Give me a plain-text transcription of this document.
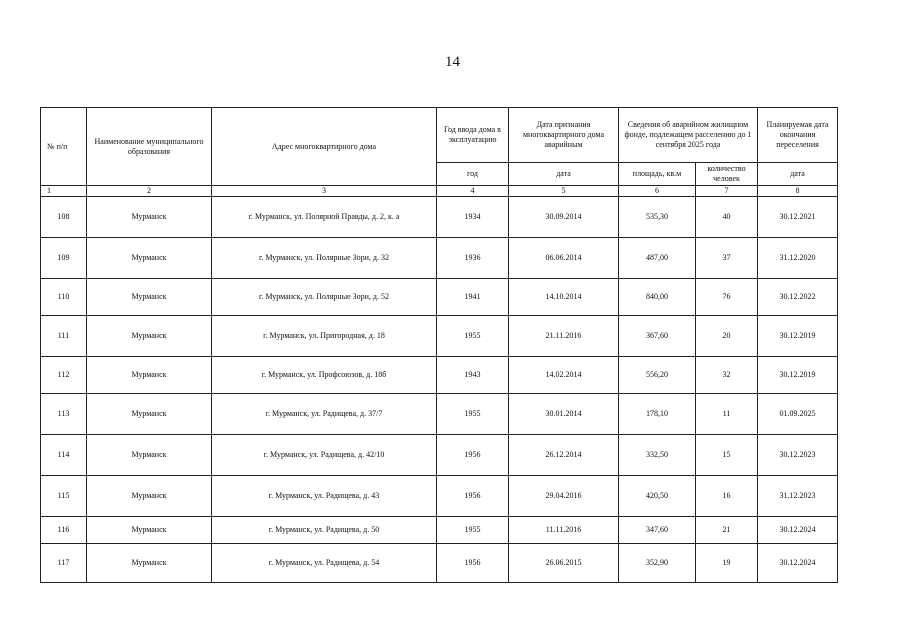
14
№ п/п	Наименование муниципального образования	Адрес многоквартирного дома	Год ввода дома в эксплуатацию	Дата признания многоквартирного дома аварийным	Сведения об аварийном жилищном фонде, подлежащем расселению до 1 сентября 2025 года		Планируемая дата окончания переселения
			год	дата	площадь, кв.м	количество человек	дата
1	2	3	4	5	6	7	8
108	Мурманск	г. Мурманск, ул. Полярной Правды, д. 2, к. а	1934	30.09.2014	535,30	40	30.12.2021
109	Мурманск	г. Мурманск, ул. Полярные Зори, д. 32	1936	06.06.2014	487,00	37	31.12.2020
110	Мурманск	г. Мурманск, ул. Полярные Зори, д. 52	1941	14.10.2014	840,00	76	30.12.2022
111	Мурманск	г. Мурманск, ул. Пригородная, д. 18	1955	21.11.2016	367,60	20	30.12.2019
112	Мурманск	г. Мурманск, ул. Профсоюзов, д. 18б	1943	14.02.2014	556,20	32	30.12.2019
113	Мурманск	г. Мурманск, ул. Радищева, д. 37/7	1955	30.01.2014	178,10	11	01.09.2025
114	Мурманск	г. Мурманск, ул. Радищева, д. 42/10	1956	26.12.2014	332,50	15	30.12.2023
115	Мурманск	г. Мурманск, ул. Радищева, д. 43	1956	29.04.2016	420,50	16	31.12.2023
116	Мурманск	г. Мурманск, ул. Радищева, д. 50	1955	11.11.2016	347,60	21	30.12.2024
117	Мурманск	г. Мурманск, ул. Радищева, д. 54	1956	26.06.2015	352,90	19	30.12.2024
